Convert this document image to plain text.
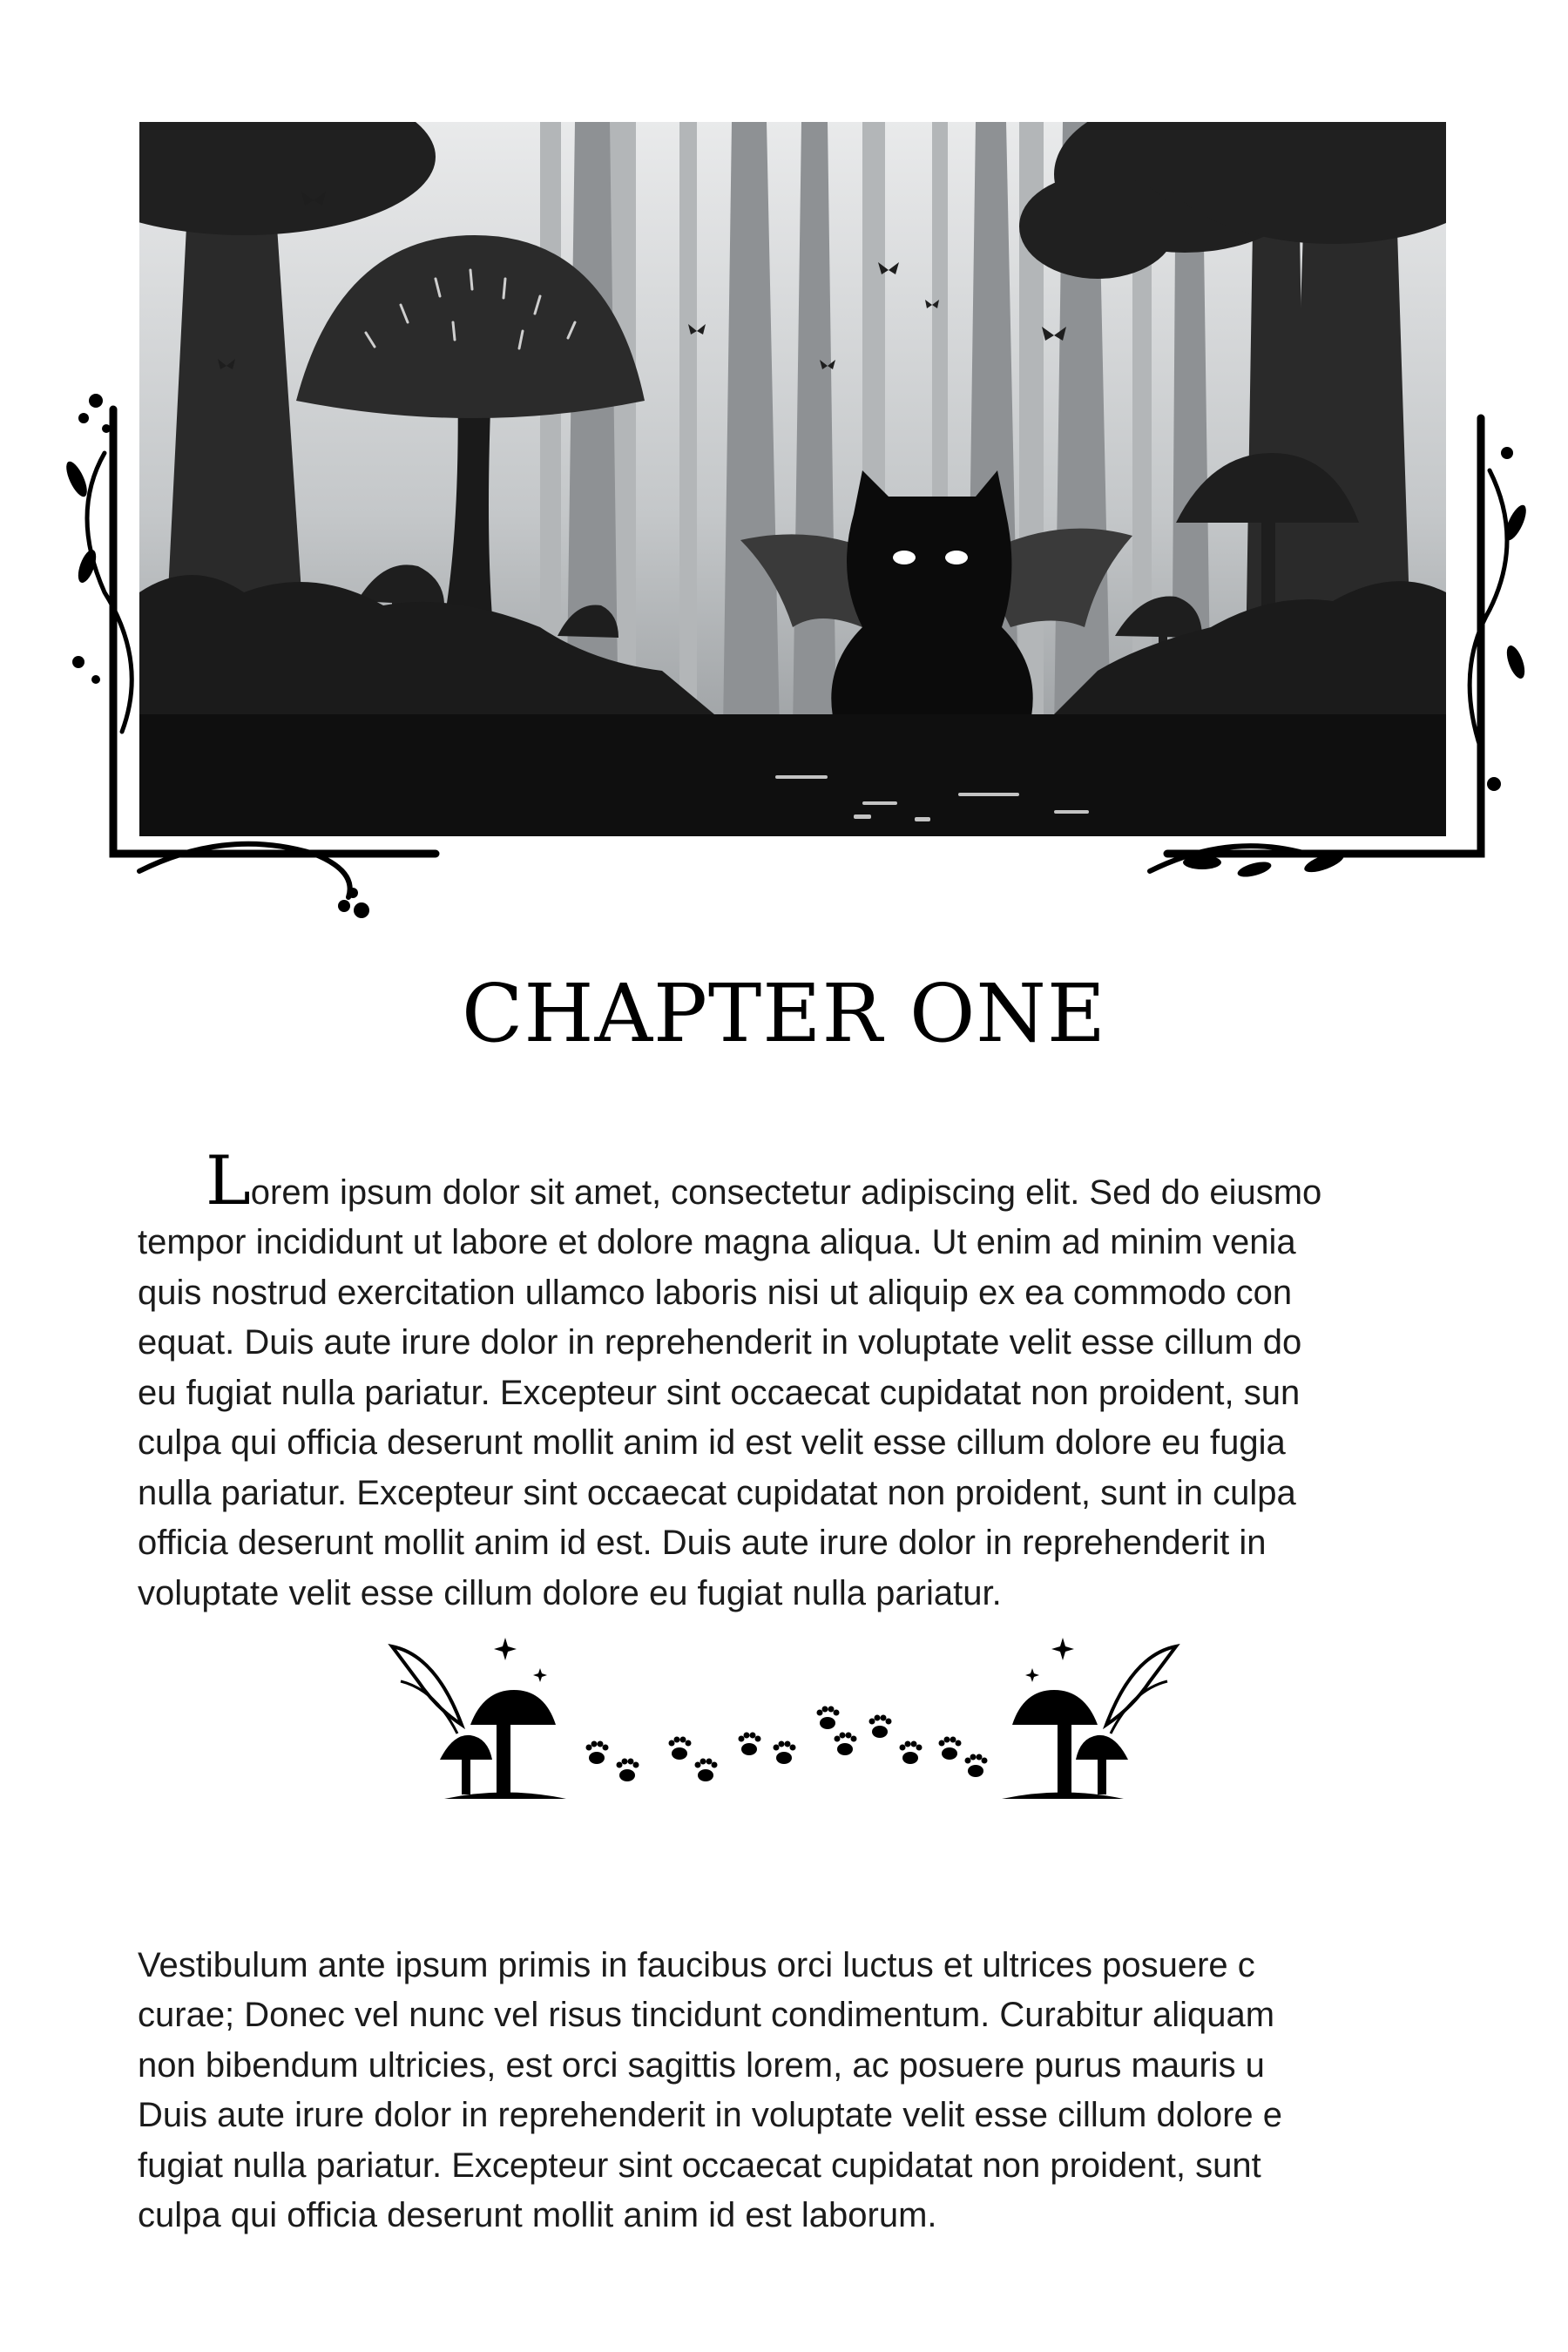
CHAPTER ONE

Lorem ipsum dolor sit amet, consectetur adipiscing elit. Sed do eiusmo
tempor incididunt ut labore et dolore magna aliqua. Ut enim ad minim venia
quis nostrud exercitation ullamco laboris nisi ut aliquip ex ea commodo con
equat. Duis aute irure dolor in reprehenderit in voluptate velit esse cillum do
eu fugiat nulla pariatur. Excepteur sint occaecat cupidatat non proident, sun
culpa qui officia deserunt mollit anim id est velit esse cillum dolore eu fugia
nulla pariatur. Excepteur sint occaecat cupidatat non proident, sunt in culpa
officia deserunt mollit anim id est. Duis aute irure dolor in reprehenderit in
voluptate velit esse cillum dolore eu fugiat nulla pariatur.

Vestibulum ante ipsum primis in faucibus orci luctus et ultrices posuere c
curae; Donec vel nunc vel risus tincidunt condimentum. Curabitur aliquam
non bibendum ultricies, est orci sagittis lorem, ac posuere purus mauris u
Duis aute irure dolor in reprehenderit in voluptate velit esse cillum dolore e
fugiat nulla pariatur. Excepteur sint occaecat cupidatat non proident, sunt
culpa qui officia deserunt mollit anim id est laborum.
